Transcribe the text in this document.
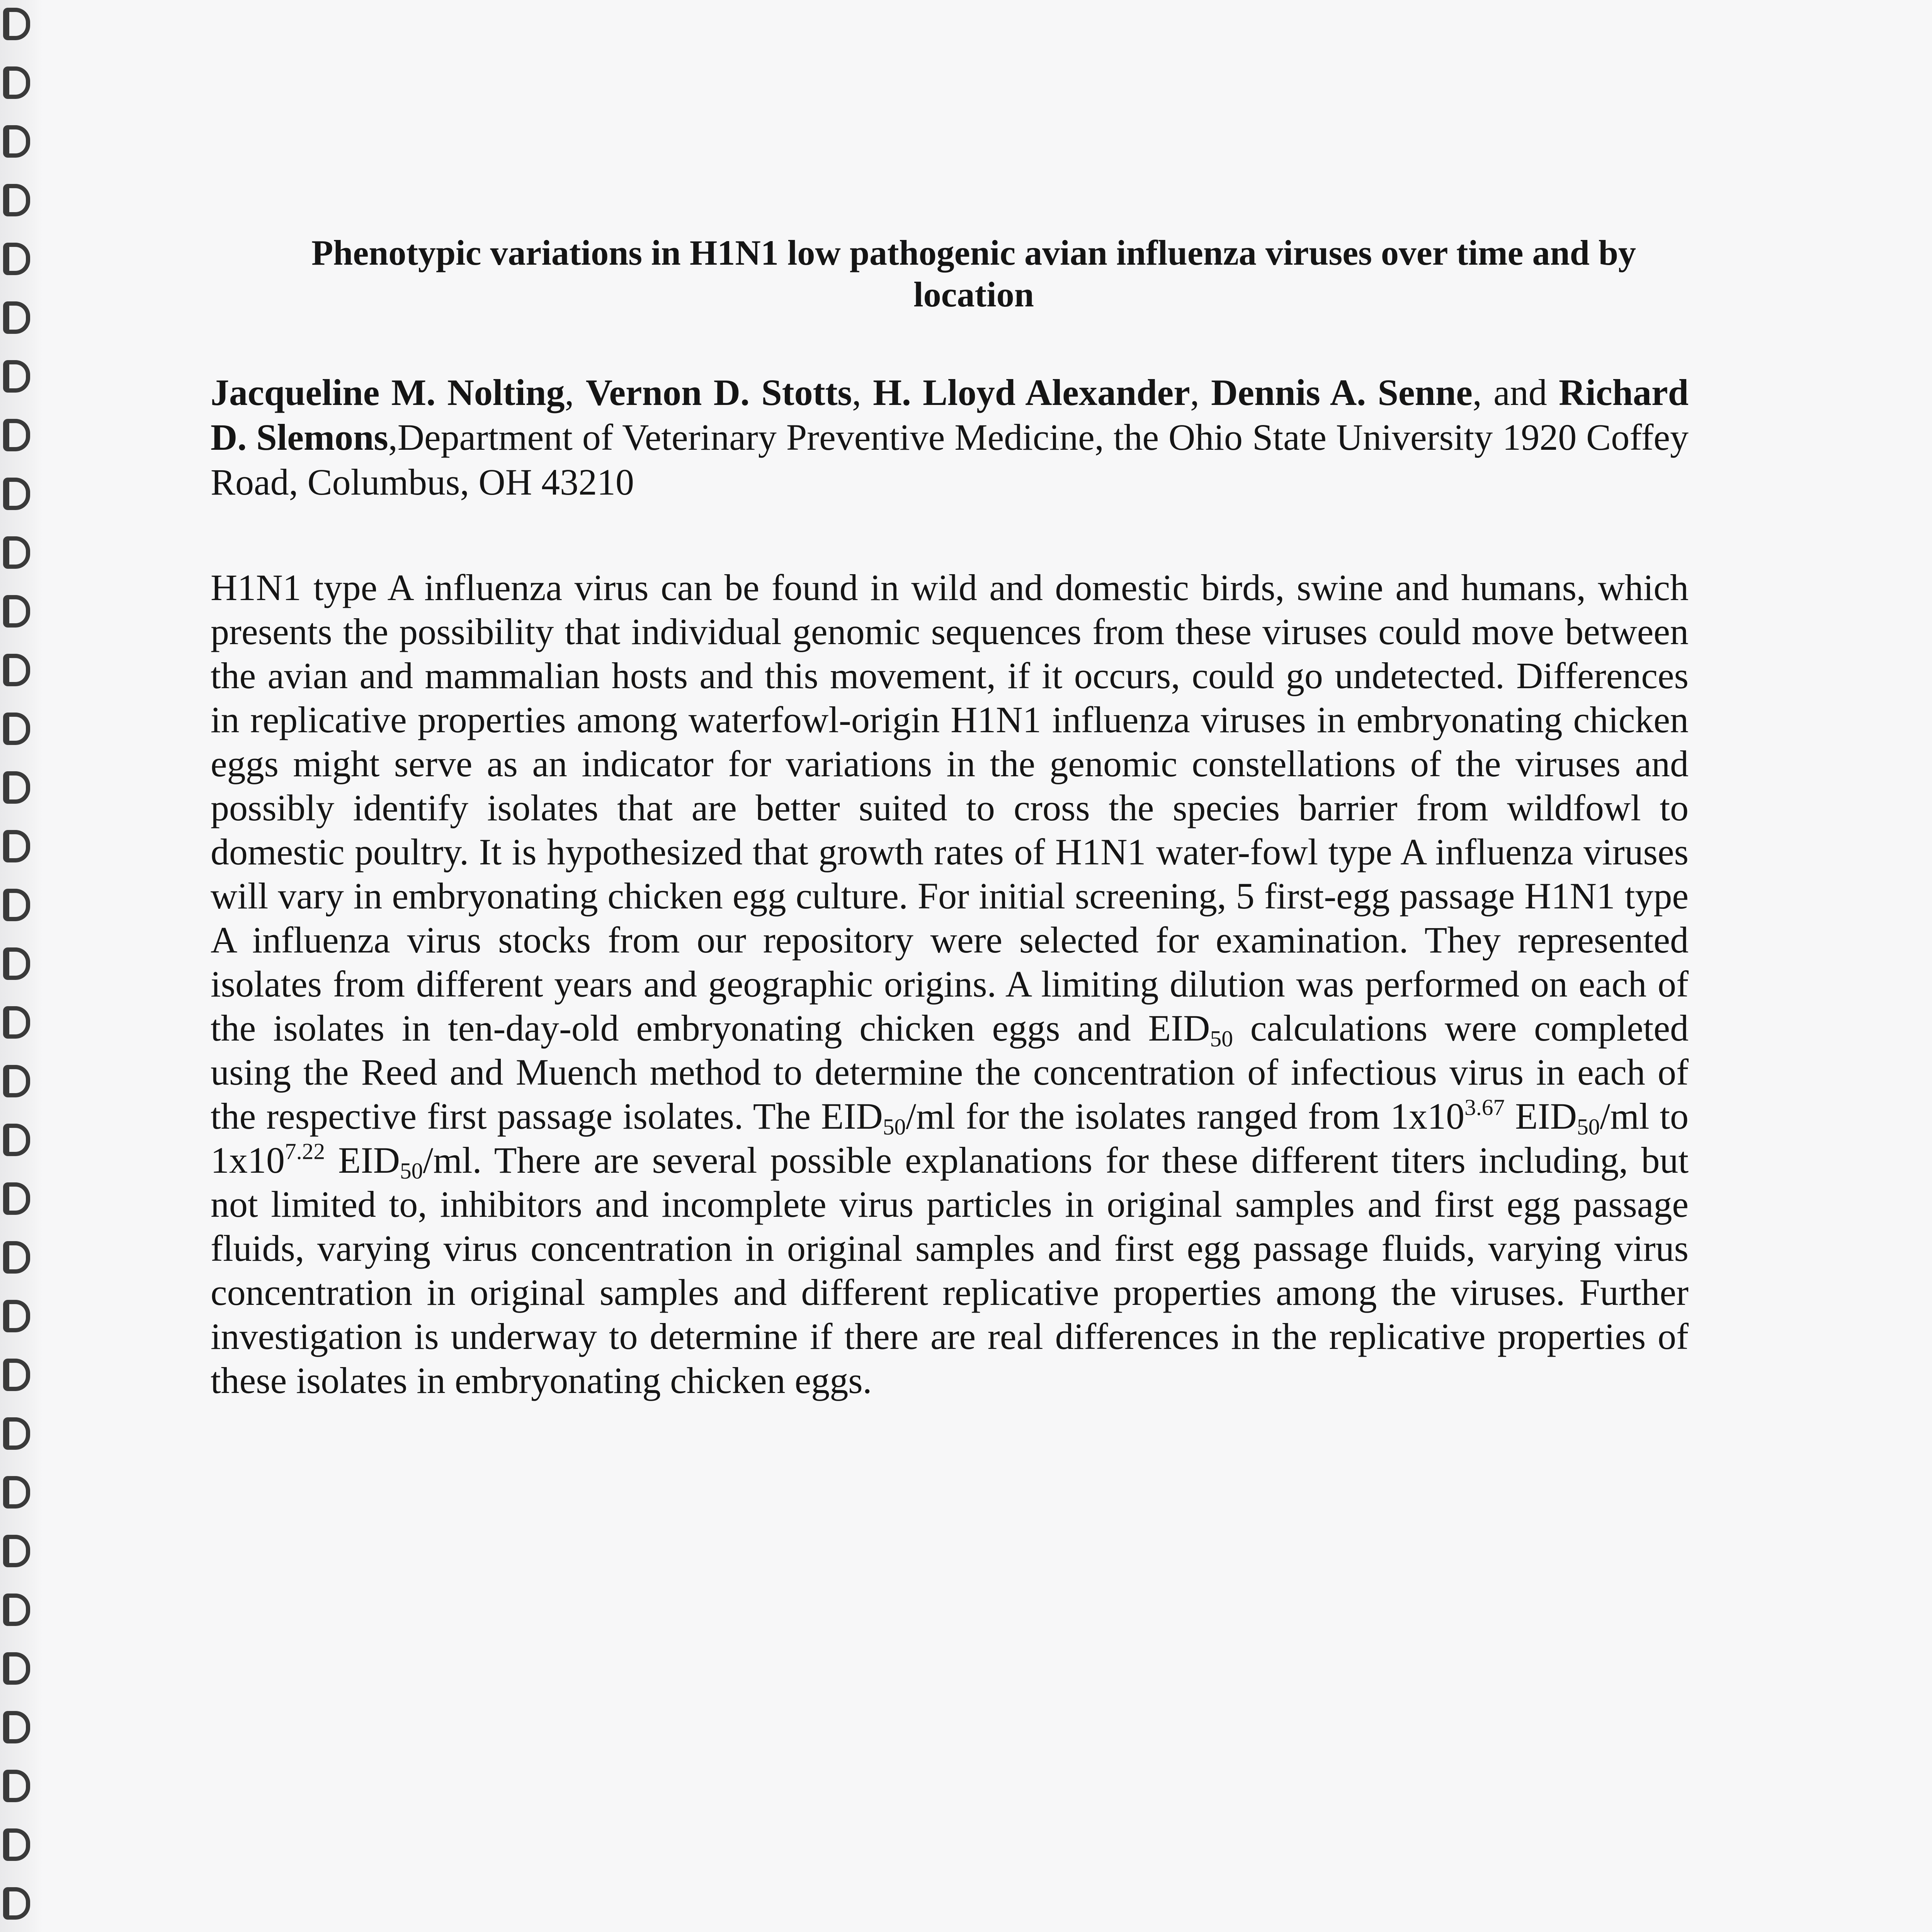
Phenotypic variations in H1N1 low pathogenic avian influenza viruses over time and by location

Jacqueline M. Nolting, Vernon D. Stotts, H. Lloyd Alexander, Dennis A. Senne, and Richard D. Slemons,Department of Veterinary Preventive Medicine, the Ohio State University 1920 Coffey Road, Columbus, OH 43210

H1N1 type A influenza virus can be found in wild and domestic birds, swine and humans, which presents the possibility that individual genomic sequences from these viruses could move between the avian and mammalian hosts and this movement, if it occurs, could go undetected. Differences in replicative properties among waterfowl-origin H1N1 influenza viruses in embryonating chicken eggs might serve as an indicator for variations in the genomic constellations of the viruses and possibly identify isolates that are better suited to cross the species barrier from wildfowl to domestic poultry. It is hypothesized that growth rates of H1N1 water-fowl type A influenza viruses will vary in embryonating chicken egg culture. For initial screening, 5 first-egg passage H1N1 type A influenza virus stocks from our repository were selected for examination. They represented isolates from different years and geographic origins. A limiting dilution was performed on each of the isolates in ten-day-old embryonating chicken eggs and $EID_{50}$ calculations were completed using the Reed and Muench method to determine the concentration of infectious virus in each of the respective first passage isolates. The $EID_{50}/ml$ for the isolates ranged from $1x10^{3.67}$ $EID_{50}/ml$ to $1x10^{7.22}$ $EID_{50}/ml$. There are several possible explanations for these different titers including, but not limited to, inhibitors and incomplete virus particles in original samples and first egg passage fluids, varying virus concentration in original samples and first egg passage fluids, varying virus concentration in original samples and different replicative properties among the viruses. Further investigation is underway to determine if there are real differences in the replicative properties of these isolates in embryonating chicken eggs.
